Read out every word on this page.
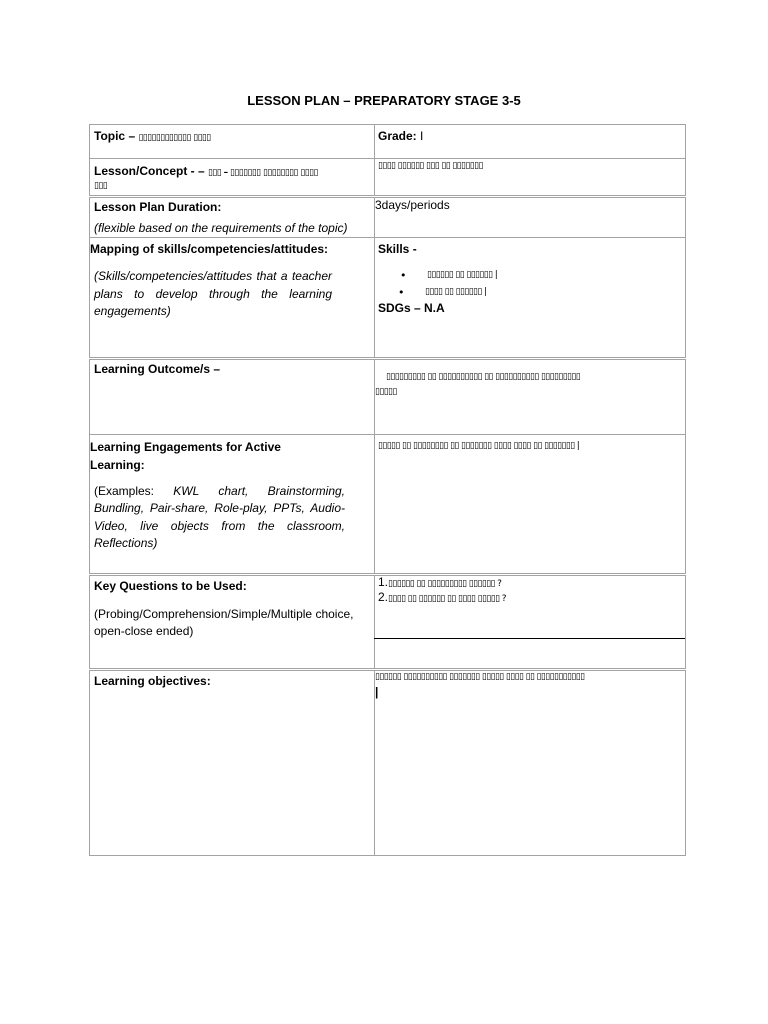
LESSON PLAN – PREPARATORY STAGE 3-5
Topic – ▯▯▯▯▯▯▯▯▯▯▯▯ ▯▯▯▯	Grade: I
Lesson/Concept - – ▯▯▯ – ▯▯▯▯▯▯▯ ▯▯▯▯▯▯▯▯ ▯▯▯▯
▯▯▯
▯▯▯▯ ▯▯▯▯▯▯ ▯▯▯ ▯▯ ▯▯▯▯▯▯▯
Lesson Plan Duration:
(flexible based on the requirements of the topic)
3days/periods
Mapping of skills/competencies/attitudes:
(Skills/competencies/attitudes that a teacher plans to develop through the learning engagements)
Skills -
• ▯▯▯▯▯▯ ▯▯ ▯▯▯▯▯▯ |
• ▯▯▯▯ ▯▯ ▯▯▯▯▯▯ |
SDGs – N.A
Learning Outcome/s –
▯▯▯▯▯▯▯▯▯ ▯▯ ▯▯▯▯▯▯▯▯▯▯ ▯▯ ▯▯▯▯▯▯▯▯▯▯ ▯▯▯▯▯▯▯▯▯
▯▯▯▯▯
Learning Engagements for Active Learning:
(Examples: KWL chart, Brainstorming, Bundling, Pair-share, Role-play, PPTs, Audio-Video, live objects from the classroom, Reflections)
▯▯▯▯▯ ▯▯ ▯▯▯▯▯▯▯▯ ▯▯ ▯▯▯▯▯▯▯ ▯▯▯▯ ▯▯▯▯ ▯▯ ▯▯▯▯▯▯▯ |
Key Questions to be Used:
(Probing/Comprehension/Simple/Multiple choice, open-close ended)
1.▯▯▯▯▯▯ ▯▯ ▯▯▯▯▯▯▯▯▯ ▯▯▯▯▯▯ ?
2.▯▯▯▯ ▯▯ ▯▯▯▯▯▯ ▯▯ ▯▯▯▯ ▯▯▯▯▯ ?
Learning objectives:	▯▯▯▯▯▯ ▯▯▯▯▯▯▯▯▯▯ ▯▯▯▯▯▯▯ ▯▯▯▯▯ ▯▯▯▯ ▯▯ ▯▯▯▯▯▯▯▯▯▯▯
|
